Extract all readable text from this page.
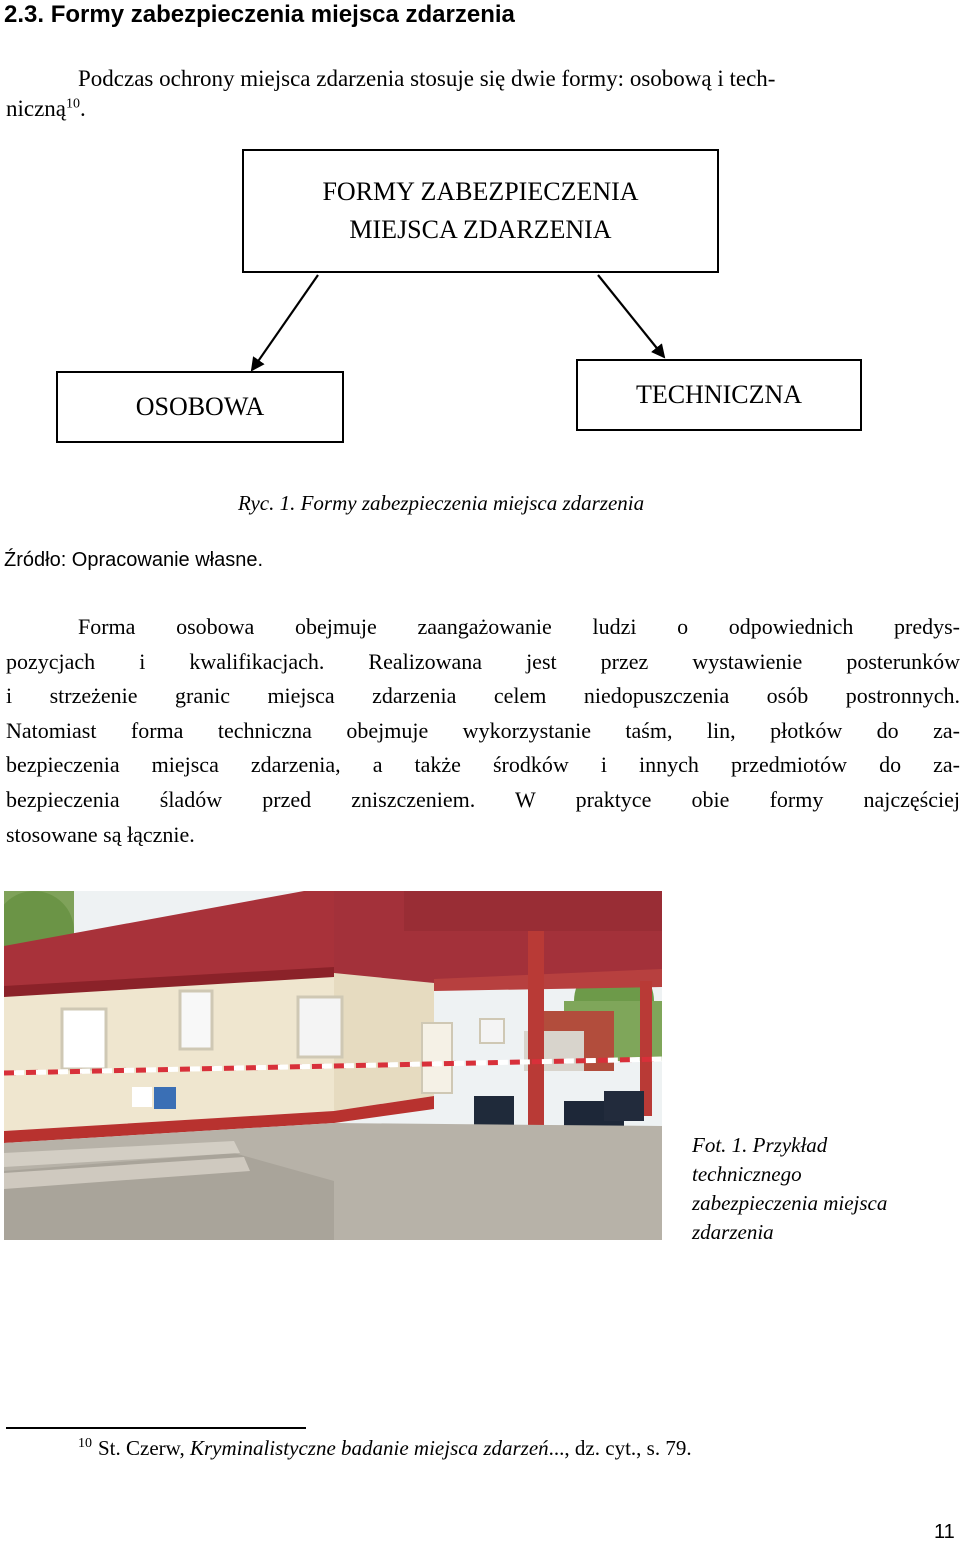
2.3. Formy zabezpieczenia miejsca zdarzenia
Podczas ochrony miejsca zdarzenia stosuje się dwie formy: osobową i tech-
niczną$^{10}$.
FORMY ZABEZPIECZENIA
MIEJSCA ZDARZENIA
OSOBOWA	TECHNICZNA
Ryc. 1. Formy zabezpieczenia miejsca zdarzenia
Źródło: Opracowanie własne.
Forma osobowa obejmuje zaangażowanie ludzi o odpowiednich predys-
pozycjach i kwalifikacjach. Realizowana jest przez wystawienie posterunków
i strzeżenie granic miejsca zdarzenia celem niedopuszczenia osób postronnych.
Natomiast forma techniczna obejmuje wykorzystanie taśm, lin, płotków do za-
bezpieczenia miejsca zdarzenia, a także środków i innych przedmiotów do za-
bezpieczenia śladów przed zniszczeniem. W praktyce obie formy najczęściej
stosowane są łącznie.
Fot. 1. Przykład
technicznego
zabezpieczenia miejsca
zdarzenia
$^{10}$ St. Czerw, Kryminalistyczne badanie miejsca zdarzeń..., dz. cyt., s. 79.
11
